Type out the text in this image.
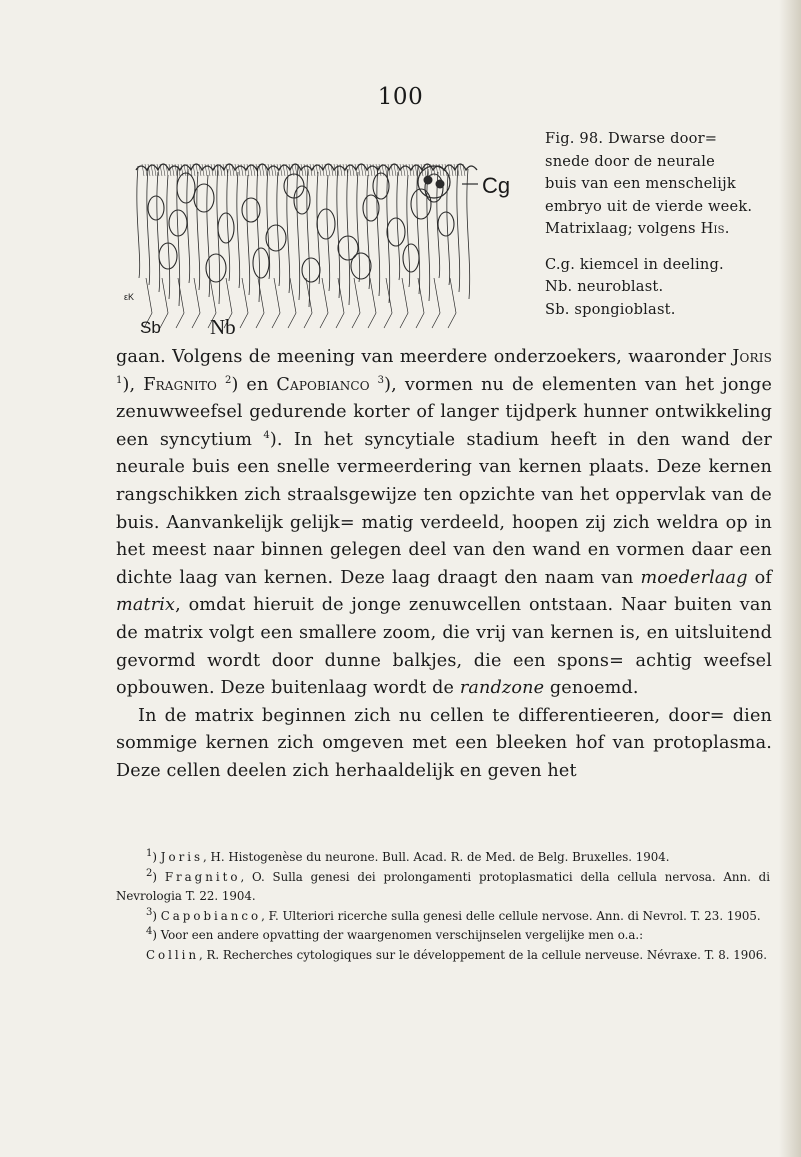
100
Cg
Sb Nb
εK

Fig. 98. Dwarse door=

snede door de neurale

buis van een menschelijk

embryo uit de vierde week.

Matrixlaag; volgens His.

C.g. kiemcel in deeling.

Nb. neuroblast.

Sb. spongioblast.

gaan. Volgens de meening van meerdere onderzoekers, waaronder Joris $^1$), Fragnito $^2$) en Capobianco $^3$), vormen nu de elementen van het jonge zenuwweefsel gedurende korter of langer tijdperk hunner ontwikkeling een syncytium $^4$). In het syncytiale stadium heeft in den wand der neurale buis een snelle vermeerdering van kernen plaats. Deze kernen rangschikken zich straalsgewijze ten opzichte van het oppervlak van de buis. Aanvankelijk gelijk= matig verdeeld, hoopen zij zich weldra op in het meest naar binnen gelegen deel van den wand en vormen daar een dichte laag van kernen. Deze laag draagt den naam van moederlaag of matrix, omdat hieruit de jonge zenuwcellen ontstaan. Naar buiten van de matrix volgt een smallere zoom, die vrij van kernen is, en uitsluitend gevormd wordt door dunne balkjes, die een spons= achtig weefsel opbouwen. Deze buitenlaag wordt de randzone genoemd.

In de matrix beginnen zich nu cellen te differentieeren, door= dien sommige kernen zich omgeven met een bleeken hof van protoplasma. Deze cellen deelen zich herhaaldelijk en geven het

$^1$) Joris, H. Histogenèse du neurone. Bull. Acad. R. de Med. de Belg. Bruxelles. 1904.

$^2$) Fragnito, O. Sulla genesi dei prolongamenti protoplasmatici della cellula nervosa. Ann. di Nevrologia T. 22. 1904.

$^3$) Capobianco, F. Ulteriori ricerche sulla genesi delle cellule nervose. Ann. di Nevrol. T. 23. 1905.

$^4$) Voor een andere opvatting der waargenomen verschijnselen vergelijke men o.a.:

Collin, R. Recherches cytologiques sur le développement de la cellule nerveuse. Névraxe. T. 8. 1906.
